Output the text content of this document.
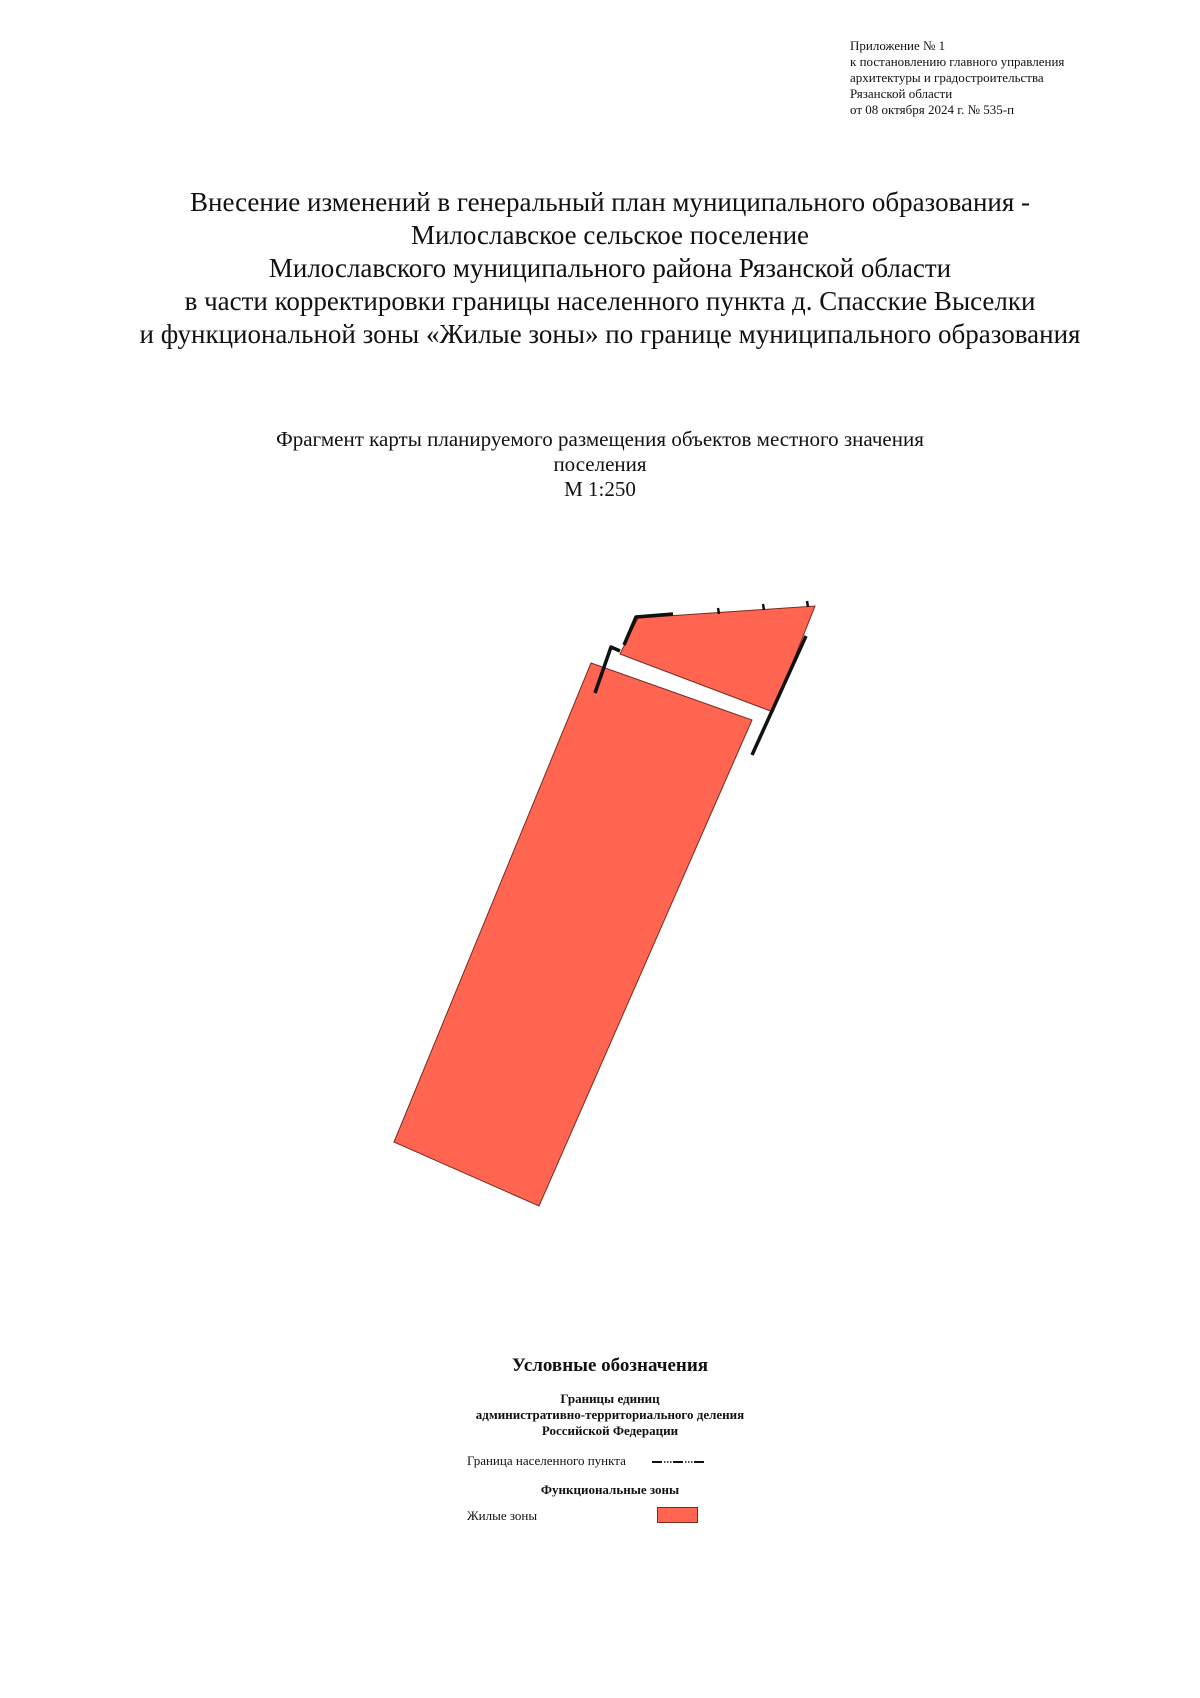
Приложение № 1
к постановлению главного управления
архитектуры и градостроительства
Рязанской области
от 08 октября 2024 г. № 535-п
Внесение изменений в генеральный план муниципального образования -
Милославское сельское поселение
Милославского муниципального района Рязанской области
в части корректировки границы населенного пункта д. Спасские Выселки
и функциональной зоны «Жилые зоны» по границе муниципального образования
Фрагмент карты планируемого размещения объектов местного значения
поселения
М 1:250
Условные обозначения
Границы единиц
административно-территориального деления
Российской Федерации
Граница населенного пункта
Функциональные зоны
Жилые зоны
